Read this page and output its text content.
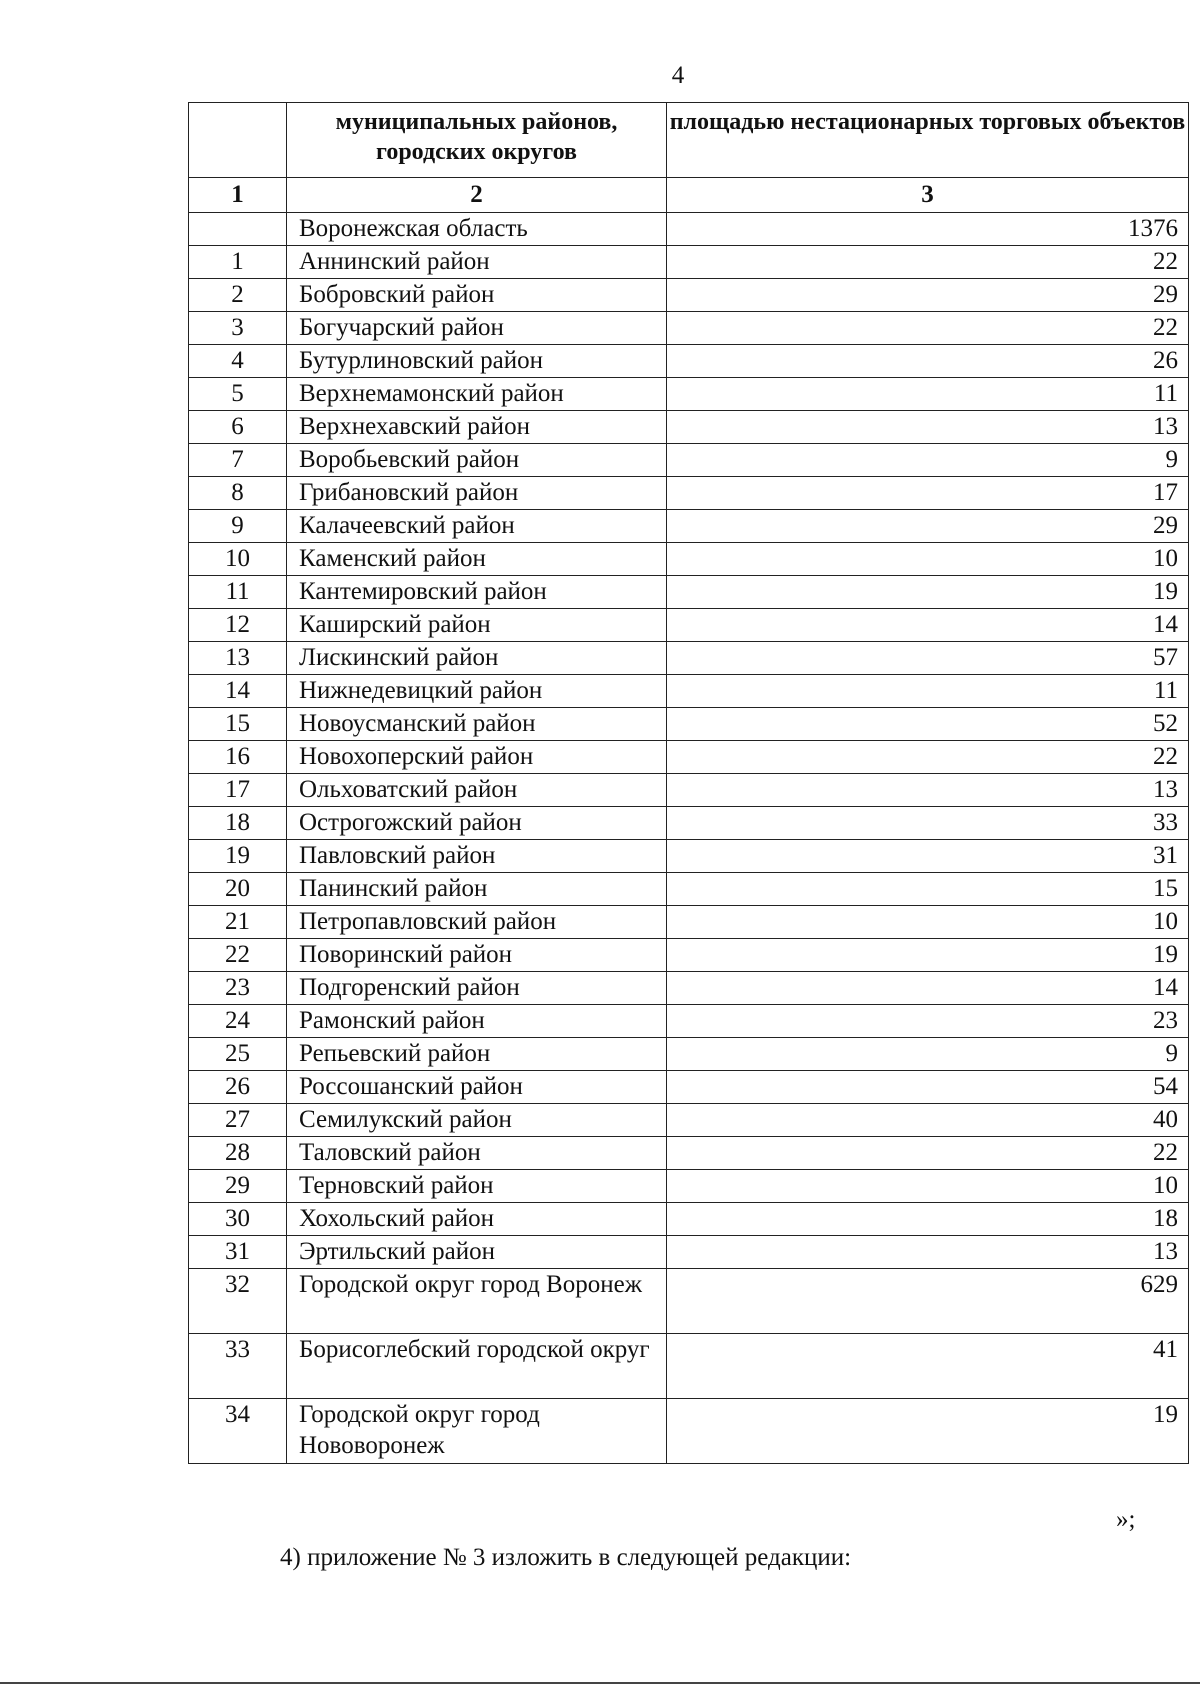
4
	муниципальных районов, городских округов	площадью нестационарных торговых объектов
1	2	3
	Воронежская область	1376
1	Аннинский район	22
2	Бобровский район	29
3	Богучарский район	22
4	Бутурлиновский район	26
5	Верхнемамонский район	11
6	Верхнехавский район	13
7	Воробьевский район	9
8	Грибановский район	17
9	Калачеевский район	29
10	Каменский район	10
11	Кантемировский район	19
12	Каширский район	14
13	Лискинский район	57
14	Нижнедевицкий район	11
15	Новоусманский район	52
16	Новохоперский район	22
17	Ольховатский район	13
18	Острогожский район	33
19	Павловский район	31
20	Панинский район	15
21	Петропавловский район	10
22	Поворинский район	19
23	Подгоренский район	14
24	Рамонский район	23
25	Репьевский район	9
26	Россошанский район	54
27	Семилукский район	40
28	Таловский район	22
29	Терновский район	10
30	Хохольский район	18
31	Эртильский район	13
32	Городской округ город Воронеж	629
33	Борисоглебский городской округ	41
34	Городской округ город Нововоронеж	19
»;
4) приложение № 3 изложить в следующей редакции:
